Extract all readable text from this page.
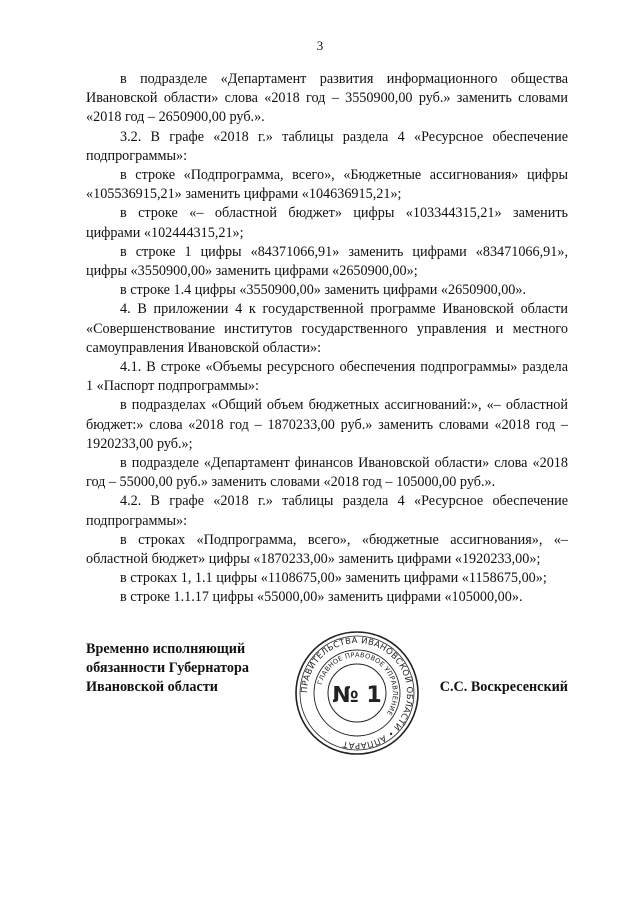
3

в подразделе «Департамент развития информационного общества Ивановской области» слова «2018 год – 3550900,00 руб.» заменить словами «2018 год – 2650900,00 руб.».

3.2. В графе «2018 г.» таблицы раздела 4 «Ресурсное обеспечение подпрограммы»:

в строке «Подпрограмма, всего», «Бюджетные ассигнования» цифры «105536915,21» заменить цифрами «104636915,21»;

в строке «– областной бюджет» цифры «103344315,21» заменить цифрами «102444315,21»;

в строке 1 цифры «84371066,91» заменить цифрами «83471066,91», цифры «3550900,00» заменить цифрами «2650900,00»;

в строке 1.4 цифры «3550900,00» заменить цифрами «2650900,00».

4. В приложении 4 к государственной программе Ивановской области «Совершенствование институтов государственного управления и местного самоуправления Ивановской области»:

4.1. В строке «Объемы ресурсного обеспечения подпрограммы» раздела 1 «Паспорт подпрограммы»:

в подразделах «Общий объем бюджетных ассигнований:», «– областной бюджет:» слова «2018 год – 1870233,00 руб.» заменить словами «2018 год – 1920233,00 руб.»;

в подразделе «Департамент финансов Ивановской области» слова «2018 год – 55000,00 руб.» заменить словами «2018 год – 105000,00 руб.».

4.2. В графе «2018 г.» таблицы раздела 4 «Ресурсное обеспечение подпрограммы»:

в строках «Подпрограмма, всего», «бюджетные ассигнования», «– областной бюджет» цифры «1870233,00» заменить цифрами «1920233,00»;

в строках 1, 1.1 цифры «1108675,00» заменить цифрами «1158675,00»;

в строке 1.1.17 цифры «55000,00» заменить цифрами «105000,00».

Временно исполняющий
обязанности Губернатора
Ивановской области	ПРАВИТЕЛЬСТВА ИВАНОВСКОЙ ОБЛАСТИ • АППАРАТ
ГЛАВНОЕ ПРАВОВОЕ УПРАВЛЕНИЕ
№ 1	С.С. Воскресенский
